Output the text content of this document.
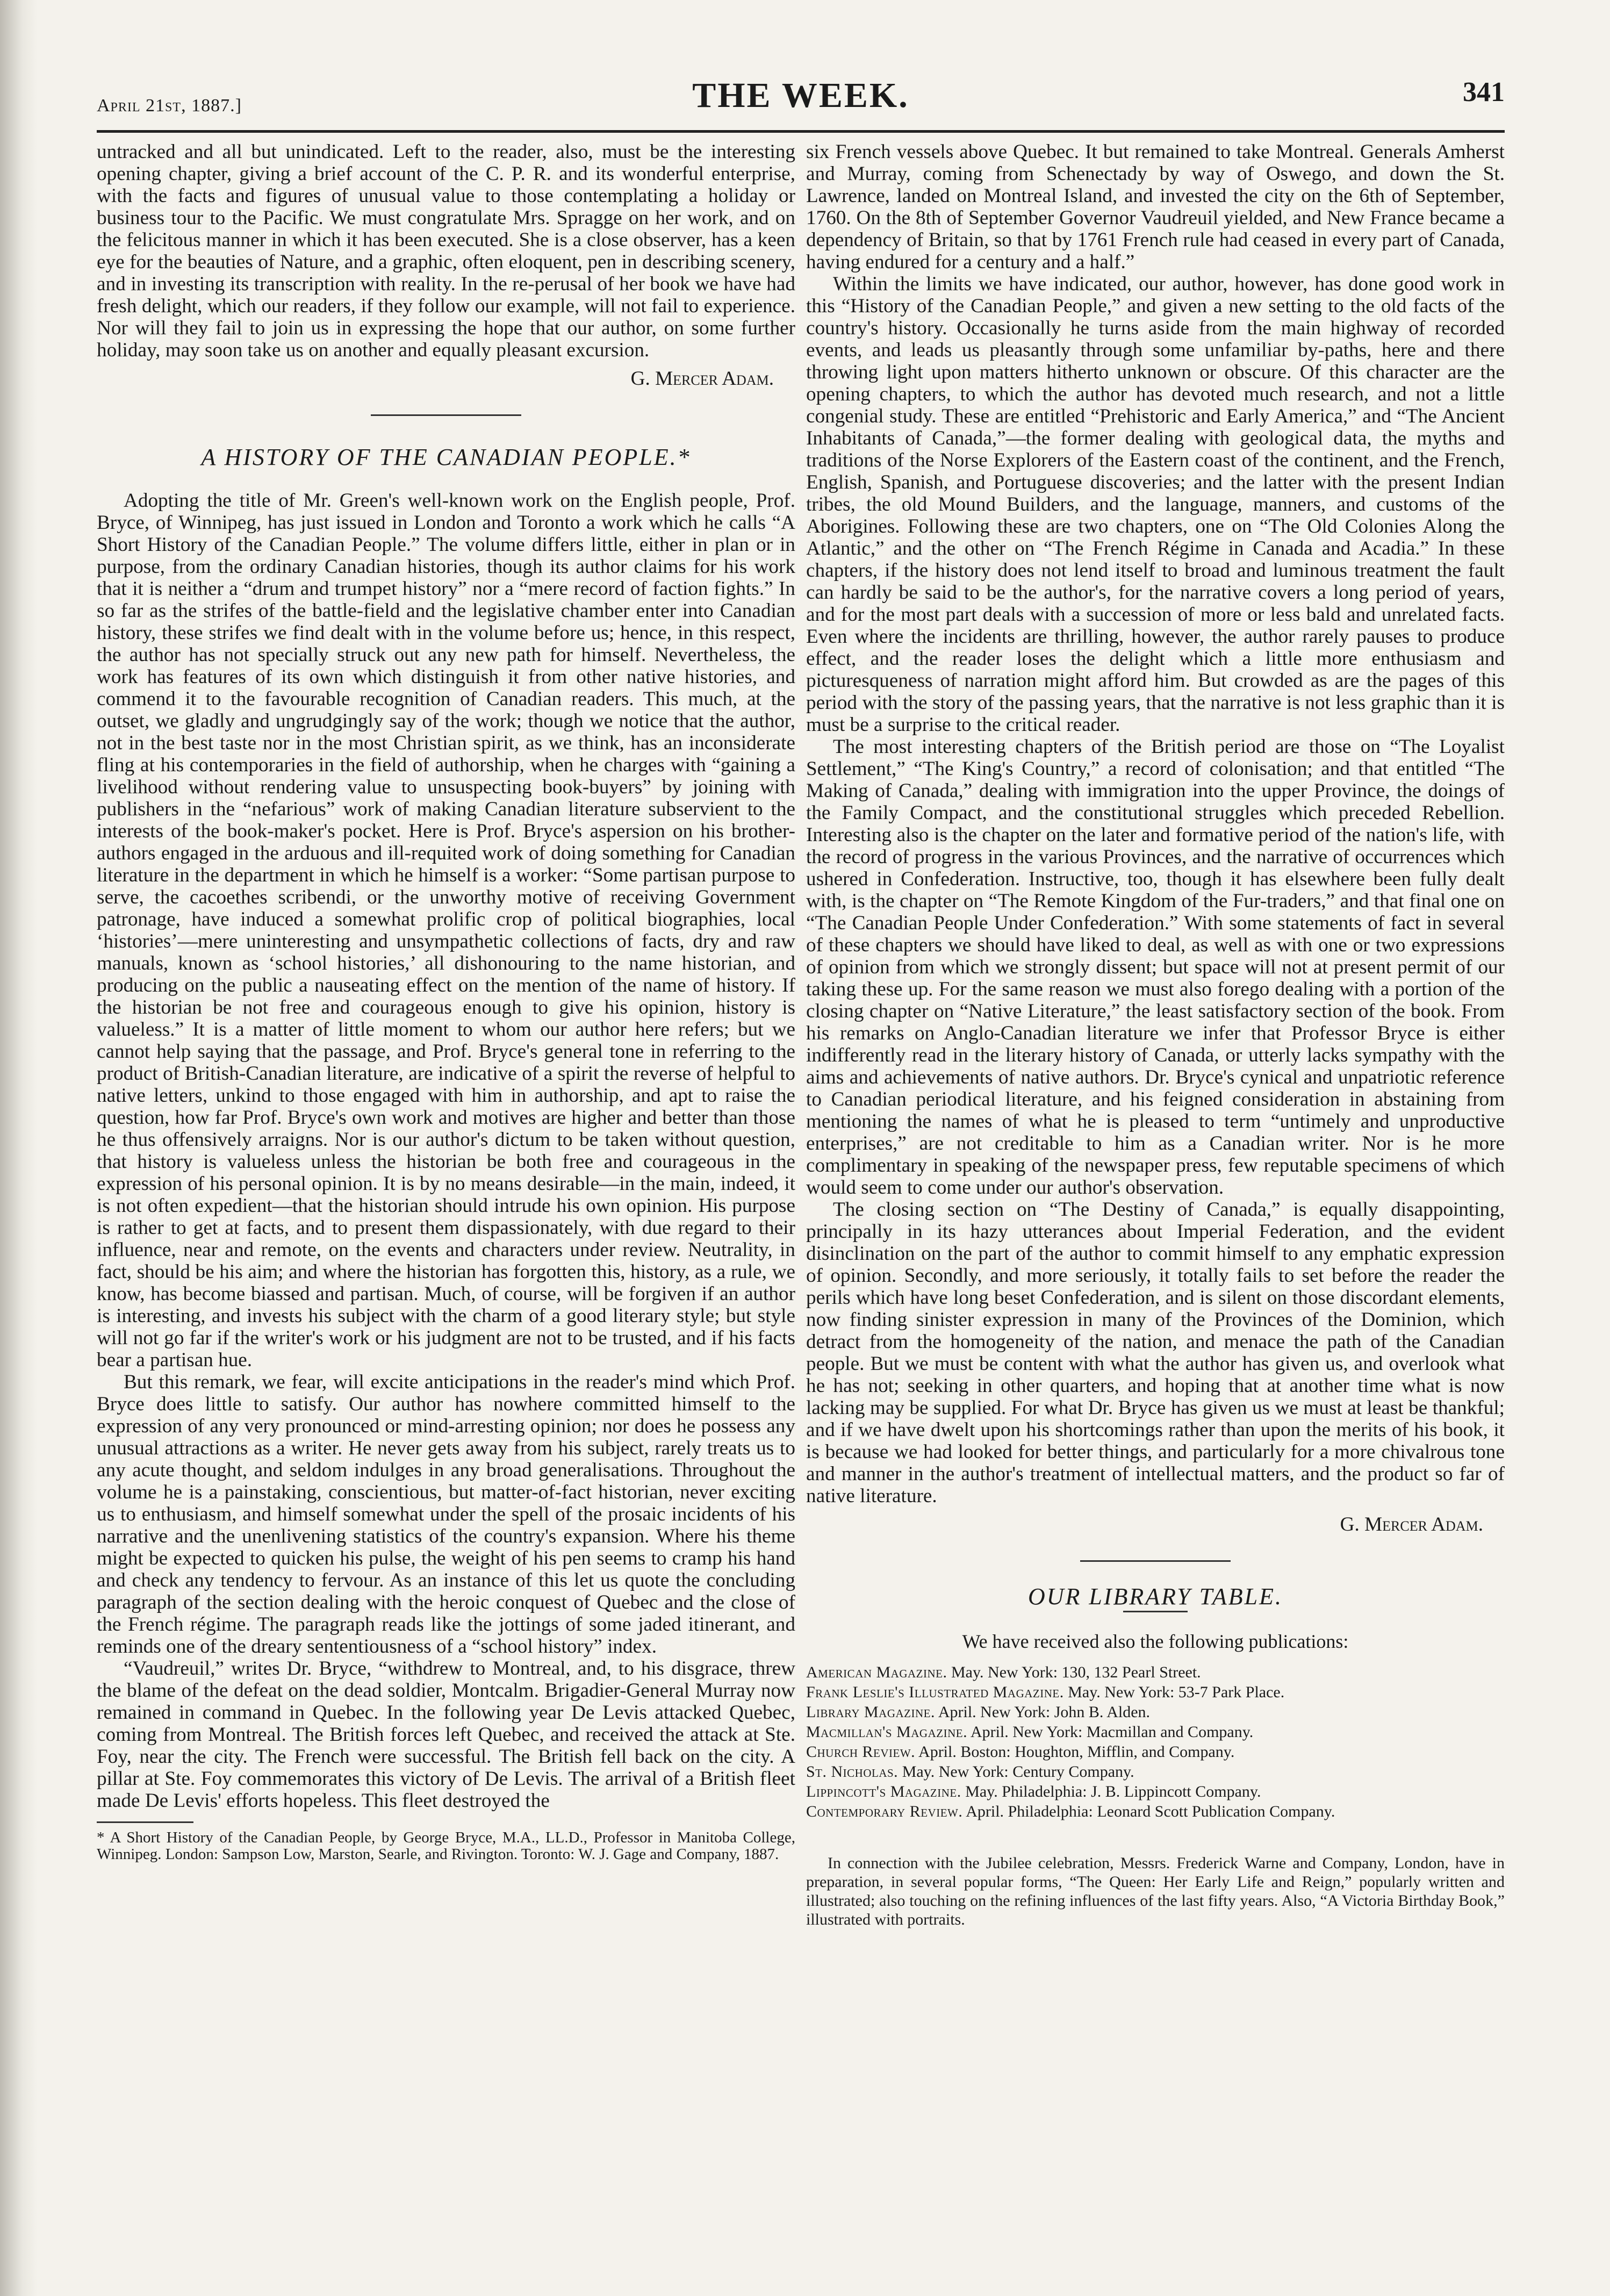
April 21st, 1887.]	THE WEEK.	341

untracked and all but unindicated. Left to the reader, also, must be the interesting opening chapter, giving a brief account of the C. P. R. and its wonderful enterprise, with the facts and figures of unusual value to those contemplating a holiday or business tour to the Pacific. We must congratulate Mrs. Spragge on her work, and on the felicitous manner in which it has been executed. She is a close observer, has a keen eye for the beauties of Nature, and a graphic, often eloquent, pen in describing scenery, and in investing its transcription with reality. In the re-perusal of her book we have had fresh delight, which our readers, if they follow our example, will not fail to experience. Nor will they fail to join us in expressing the hope that our author, on some further holiday, may soon take us on another and equally pleasant excursion.

G. Mercer Adam.

A HISTORY OF THE CANADIAN PEOPLE.*

Adopting the title of Mr. Green's well-known work on the English people, Prof. Bryce, of Winnipeg, has just issued in London and Toronto a work which he calls “A Short History of the Canadian People.” The volume differs little, either in plan or in purpose, from the ordinary Canadian histories, though its author claims for his work that it is neither a “drum and trumpet history” nor a “mere record of faction fights.” In so far as the strifes of the battle-field and the legislative chamber enter into Canadian history, these strifes we find dealt with in the volume before us; hence, in this respect, the author has not specially struck out any new path for himself. Nevertheless, the work has features of its own which distinguish it from other native histories, and commend it to the favourable recognition of Canadian readers. This much, at the outset, we gladly and ungrudgingly say of the work; though we notice that the author, not in the best taste nor in the most Christian spirit, as we think, has an inconsiderate fling at his contemporaries in the field of authorship, when he charges with “gaining a livelihood without rendering value to unsuspecting book-buyers” by joining with publishers in the “nefarious” work of making Canadian literature subservient to the interests of the book-maker's pocket. Here is Prof. Bryce's aspersion on his brother-authors engaged in the arduous and ill-requited work of doing something for Canadian literature in the department in which he himself is a worker: “Some partisan purpose to serve, the cacoethes scribendi, or the unworthy motive of receiving Government patronage, have induced a somewhat prolific crop of political biographies, local ‘histories’—mere uninteresting and unsympathetic collections of facts, dry and raw manuals, known as ‘school histories,’ all dishonouring to the name historian, and producing on the public a nauseating effect on the mention of the name of history. If the historian be not free and courageous enough to give his opinion, history is valueless.” It is a matter of little moment to whom our author here refers; but we cannot help saying that the passage, and Prof. Bryce's general tone in referring to the product of British-Canadian literature, are indicative of a spirit the reverse of helpful to native letters, unkind to those engaged with him in authorship, and apt to raise the question, how far Prof. Bryce's own work and motives are higher and better than those he thus offensively arraigns. Nor is our author's dictum to be taken without question, that history is valueless unless the historian be both free and courageous in the expression of his personal opinion. It is by no means desirable—in the main, indeed, it is not often expedient—that the historian should intrude his own opinion. His purpose is rather to get at facts, and to present them dispassionately, with due regard to their influence, near and remote, on the events and characters under review. Neutrality, in fact, should be his aim; and where the historian has forgotten this, history, as a rule, we know, has become biassed and partisan. Much, of course, will be forgiven if an author is interesting, and invests his subject with the charm of a good literary style; but style will not go far if the writer's work or his judgment are not to be trusted, and if his facts bear a partisan hue.

But this remark, we fear, will excite anticipations in the reader's mind which Prof. Bryce does little to satisfy. Our author has nowhere committed himself to the expression of any very pronounced or mind-arresting opinion; nor does he possess any unusual attractions as a writer. He never gets away from his subject, rarely treats us to any acute thought, and seldom indulges in any broad generalisations. Throughout the volume he is a painstaking, conscientious, but matter-of-fact historian, never exciting us to enthusiasm, and himself somewhat under the spell of the prosaic incidents of his narrative and the unenlivening statistics of the country's expansion. Where his theme might be expected to quicken his pulse, the weight of his pen seems to cramp his hand and check any tendency to fervour. As an instance of this let us quote the concluding paragraph of the section dealing with the heroic conquest of Quebec and the close of the French régime. The paragraph reads like the jottings of some jaded itinerant, and reminds one of the dreary sententiousness of a “school history” index.

“Vaudreuil,” writes Dr. Bryce, “withdrew to Montreal, and, to his disgrace, threw the blame of the defeat on the dead soldier, Montcalm. Brigadier-General Murray now remained in command in Quebec. In the following year De Levis attacked Quebec, coming from Montreal. The British forces left Quebec, and received the attack at Ste. Foy, near the city. The French were successful. The British fell back on the city. A pillar at Ste. Foy commemorates this victory of De Levis. The arrival of a British fleet made De Levis' efforts hopeless. This fleet destroyed the

* A Short History of the Canadian People, by George Bryce, M.A., LL.D., Professor in Manitoba College, Winnipeg. London: Sampson Low, Marston, Searle, and Rivington. Toronto: W. J. Gage and Company, 1887.

six French vessels above Quebec. It but remained to take Montreal. Generals Amherst and Murray, coming from Schenectady by way of Oswego, and down the St. Lawrence, landed on Montreal Island, and invested the city on the 6th of September, 1760. On the 8th of September Governor Vaudreuil yielded, and New France became a dependency of Britain, so that by 1761 French rule had ceased in every part of Canada, having endured for a century and a half.”

Within the limits we have indicated, our author, however, has done good work in this “History of the Canadian People,” and given a new setting to the old facts of the country's history. Occasionally he turns aside from the main highway of recorded events, and leads us pleasantly through some unfamiliar by-paths, here and there throwing light upon matters hitherto unknown or obscure. Of this character are the opening chapters, to which the author has devoted much research, and not a little congenial study. These are entitled “Prehistoric and Early America,” and “The Ancient Inhabitants of Canada,”—the former dealing with geological data, the myths and traditions of the Norse Explorers of the Eastern coast of the continent, and the French, English, Spanish, and Portuguese discoveries; and the latter with the present Indian tribes, the old Mound Builders, and the language, manners, and customs of the Aborigines. Following these are two chapters, one on “The Old Colonies Along the Atlantic,” and the other on “The French Régime in Canada and Acadia.” In these chapters, if the history does not lend itself to broad and luminous treatment the fault can hardly be said to be the author's, for the narrative covers a long period of years, and for the most part deals with a succession of more or less bald and unrelated facts. Even where the incidents are thrilling, however, the author rarely pauses to produce effect, and the reader loses the delight which a little more enthusiasm and picturesqueness of narration might afford him. But crowded as are the pages of this period with the story of the passing years, that the narrative is not less graphic than it is must be a surprise to the critical reader.

The most interesting chapters of the British period are those on “The Loyalist Settlement,” “The King's Country,” a record of colonisation; and that entitled “The Making of Canada,” dealing with immigration into the upper Province, the doings of the Family Compact, and the constitutional struggles which preceded Rebellion. Interesting also is the chapter on the later and formative period of the nation's life, with the record of progress in the various Provinces, and the narrative of occurrences which ushered in Confederation. Instructive, too, though it has elsewhere been fully dealt with, is the chapter on “The Remote Kingdom of the Fur-traders,” and that final one on “The Canadian People Under Confederation.” With some statements of fact in several of these chapters we should have liked to deal, as well as with one or two expressions of opinion from which we strongly dissent; but space will not at present permit of our taking these up. For the same reason we must also forego dealing with a portion of the closing chapter on “Native Literature,” the least satisfactory section of the book. From his remarks on Anglo-Canadian literature we infer that Professor Bryce is either indifferently read in the literary history of Canada, or utterly lacks sympathy with the aims and achievements of native authors. Dr. Bryce's cynical and unpatriotic reference to Canadian periodical literature, and his feigned consideration in abstaining from mentioning the names of what he is pleased to term “untimely and unproductive enterprises,” are not creditable to him as a Canadian writer. Nor is he more complimentary in speaking of the newspaper press, few reputable specimens of which would seem to come under our author's observation.

The closing section on “The Destiny of Canada,” is equally disappointing, principally in its hazy utterances about Imperial Federation, and the evident disinclination on the part of the author to commit himself to any emphatic expression of opinion. Secondly, and more seriously, it totally fails to set before the reader the perils which have long beset Confederation, and is silent on those discordant elements, now finding sinister expression in many of the Provinces of the Dominion, which detract from the homogeneity of the nation, and menace the path of the Canadian people. But we must be content with what the author has given us, and overlook what he has not; seeking in other quarters, and hoping that at another time what is now lacking may be supplied. For what Dr. Bryce has given us we must at least be thankful; and if we have dwelt upon his shortcomings rather than upon the merits of his book, it is because we had looked for better things, and particularly for a more chivalrous tone and manner in the author's treatment of intellectual matters, and the product so far of native literature.

G. Mercer Adam.

OUR LIBRARY TABLE.

We have received also the following publications:

American Magazine. May. New York: 130, 132 Pearl Street.
Frank Leslie's Illustrated Magazine. May. New York: 53-7 Park Place.
Library Magazine. April. New York: John B. Alden.
Macmillan's Magazine. April. New York: Macmillan and Company.
Church Review. April. Boston: Houghton, Mifflin, and Company.
St. Nicholas. May. New York: Century Company.
Lippincott's Magazine. May. Philadelphia: J. B. Lippincott Company.
Contemporary Review. April. Philadelphia: Leonard Scott Publication Company.

In connection with the Jubilee celebration, Messrs. Frederick Warne and Company, London, have in preparation, in several popular forms, “The Queen: Her Early Life and Reign,” popularly written and illustrated; also touching on the refining influences of the last fifty years. Also, “A Victoria Birthday Book,” illustrated with portraits.
